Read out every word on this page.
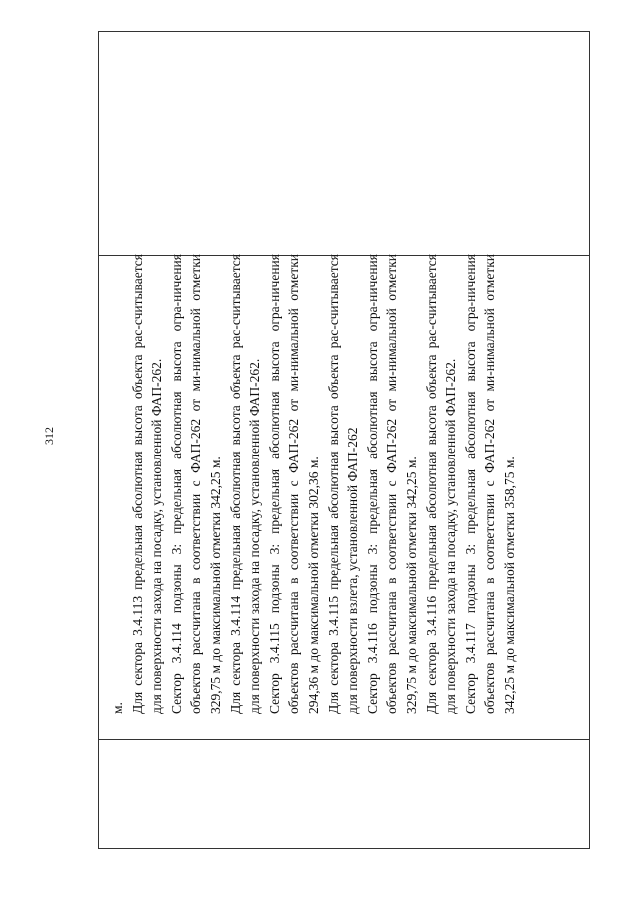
312

м. Для сектора 3.4.113 предельная абсолютная высота объекта рас-считывается для поверхности захода на посадку, установленной ФАП-262. Сектор 3.4.114 подзоны 3: предельная абсолютная высота огра-ничения объектов рассчитана в соответствии с ФАП-262 от ми-нимальной отметки 329,75 м до максимальной отметки 342,25 м. Для сектора 3.4.114 предельная абсолютная высота объекта рас-считывается для поверхности захода на посадку, установленной ФАП-262. Сектор 3.4.115 подзоны 3: предельная абсолютная высота огра-ничения объектов рассчитана в соответствии с ФАП-262 от ми-нимальной отметки 294,36 м до максимальной отметки 302,36 м. Для сектора 3.4.115 предельная абсолютная высота объекта рас-считывается для поверхности взлета, установленной ФАП-262 Сектор 3.4.116 подзоны 3: предельная абсолютная высота огра-ничения объектов рассчитана в соответствии с ФАП-262 от ми-нимальной отметки 329,75 м до максимальной отметки 342,25 м. Для сектора 3.4.116 предельная абсолютная высота объекта рас-считывается для поверхности захода на посадку, установленной ФАП-262. Сектор 3.4.117 подзоны 3: предельная абсолютная высота огра-ничения объектов рассчитана в соответствии с ФАП-262 от ми-нимальной отметки 342,25 м до максимальной отметки 358,75 м.
